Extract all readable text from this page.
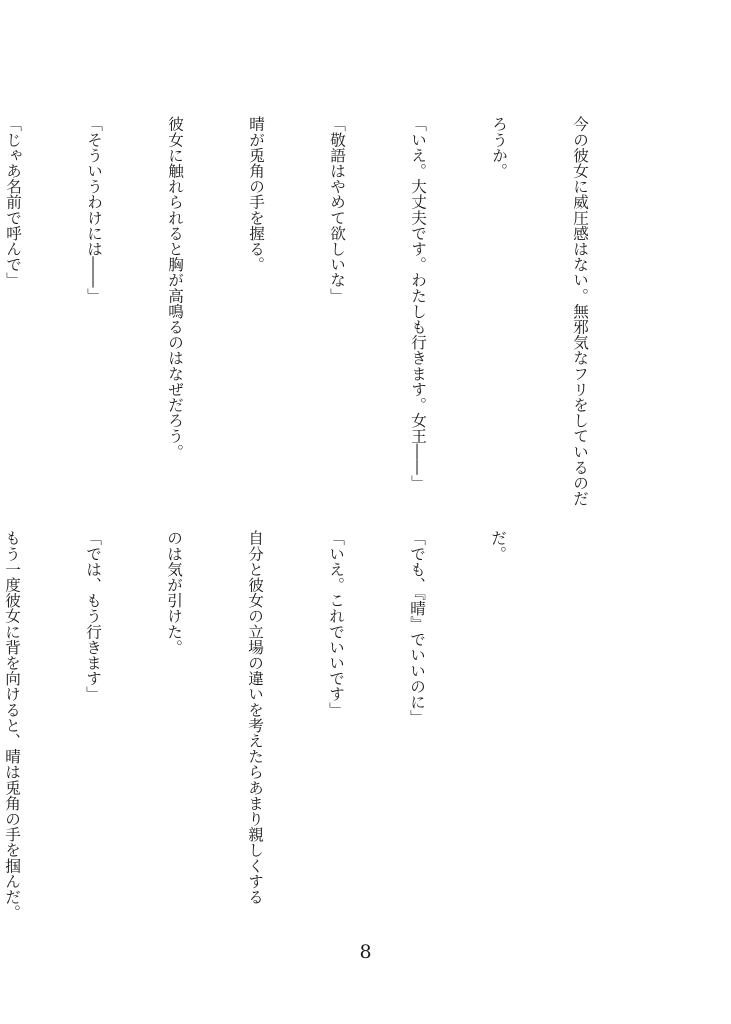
今の彼女に威圧感はない。無邪気なフリをしているのだ

ろうか。

「いえ。大丈夫です。わたしも行きます。女王――」

「敬語はやめて欲しいな」

晴が兎角の手を握る。

彼女に触れられると胸が高鳴るのはなぜだろう。

「そういうわけには――」

「じゃあ名前で呼んで」

だ。

「でも、『晴』でいいのに」

「いえ。これでいいです」

自分と彼女の立場の違いを考えたらあまり親しくする

のは気が引けた。

「では、もう行きます」

もう一度彼女に背を向けると、晴は兎角の手を掴んだ。

8
